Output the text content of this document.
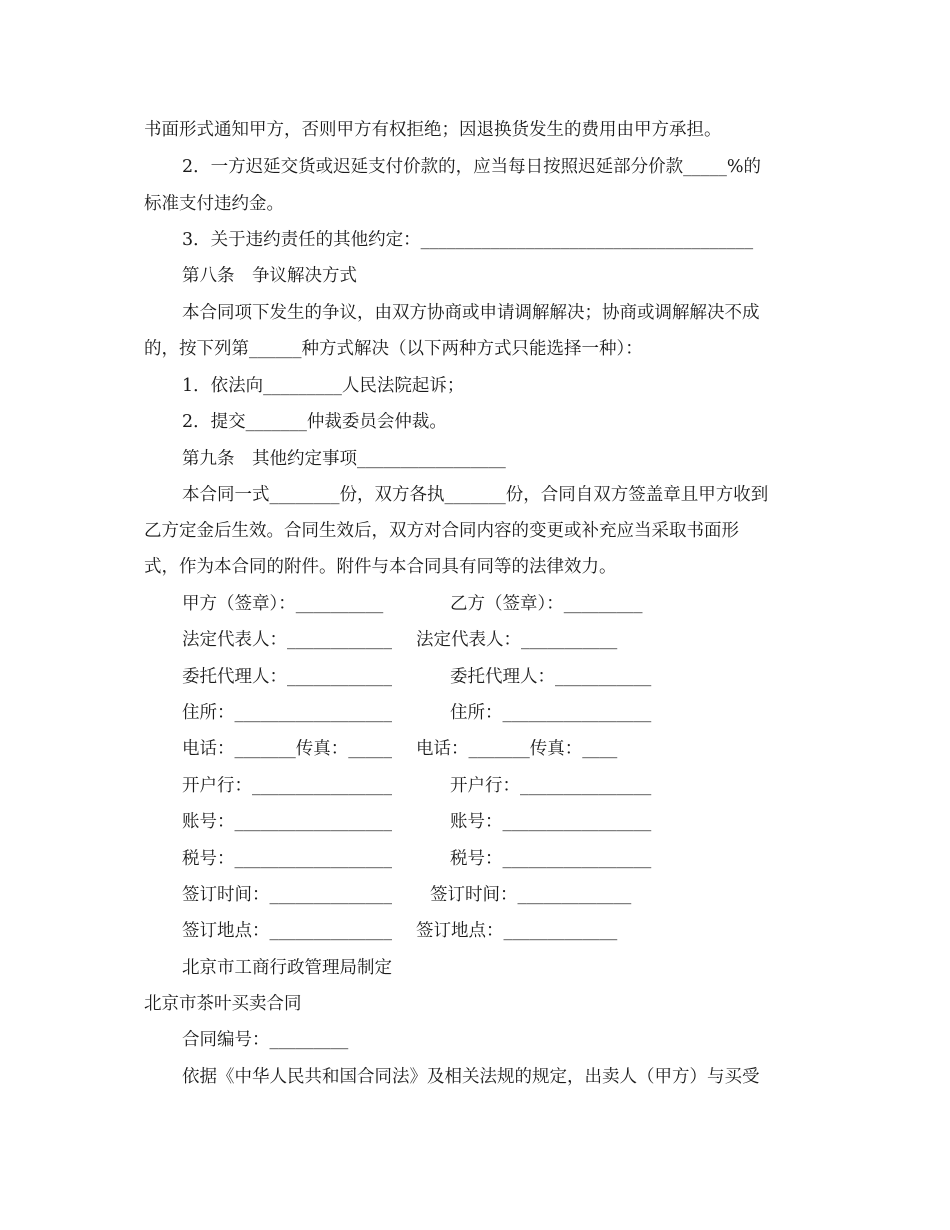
书面形式通知甲方，否则甲方有权拒绝；因退换货发生的费用由甲方承担。
2．一方迟延交货或迟延支付价款的，应当每日按照迟延部分价款_____%的
标准支付违约金。
3．关于违约责任的其他约定：______________________________________
第八条　争议解决方式
本合同项下发生的争议，由双方协商或申请调解解决；协商或调解解决不成
的，按下列第______种方式解决（以下两种方式只能选择一种）：
1．依法向_________人民法院起诉；
2．提交_______仲裁委员会仲裁。
第九条　其他约定事项_________________
本合同一式________份，双方各执_______份，合同自双方签盖章且甲方收到
乙方定金后生效。合同生效后，双方对合同内容的变更或补充应当采取书面形
式，作为本合同的附件。附件与本合同具有同等的法律效力。
甲方（签章）：__________	乙方（签章）：_________
法定代表人：____________ 法定代表人：___________
委托代理人：____________	委托代理人：___________
住所：__________________	住所：_________________
电话：_______传真：_____ 电话：_______传真：____
开户行：________________	开户行：_______________
账号：__________________	账号：_________________
税号：__________________	税号：_________________
签订时间：______________ 签订时间：_____________
签订地点：______________ 签订地点：_____________
北京市工商行政管理局制定
北京市茶叶买卖合同
合同编号：_________
依据《中华人民共和国合同法》及相关法规的规定，出卖人（甲方）与买受
